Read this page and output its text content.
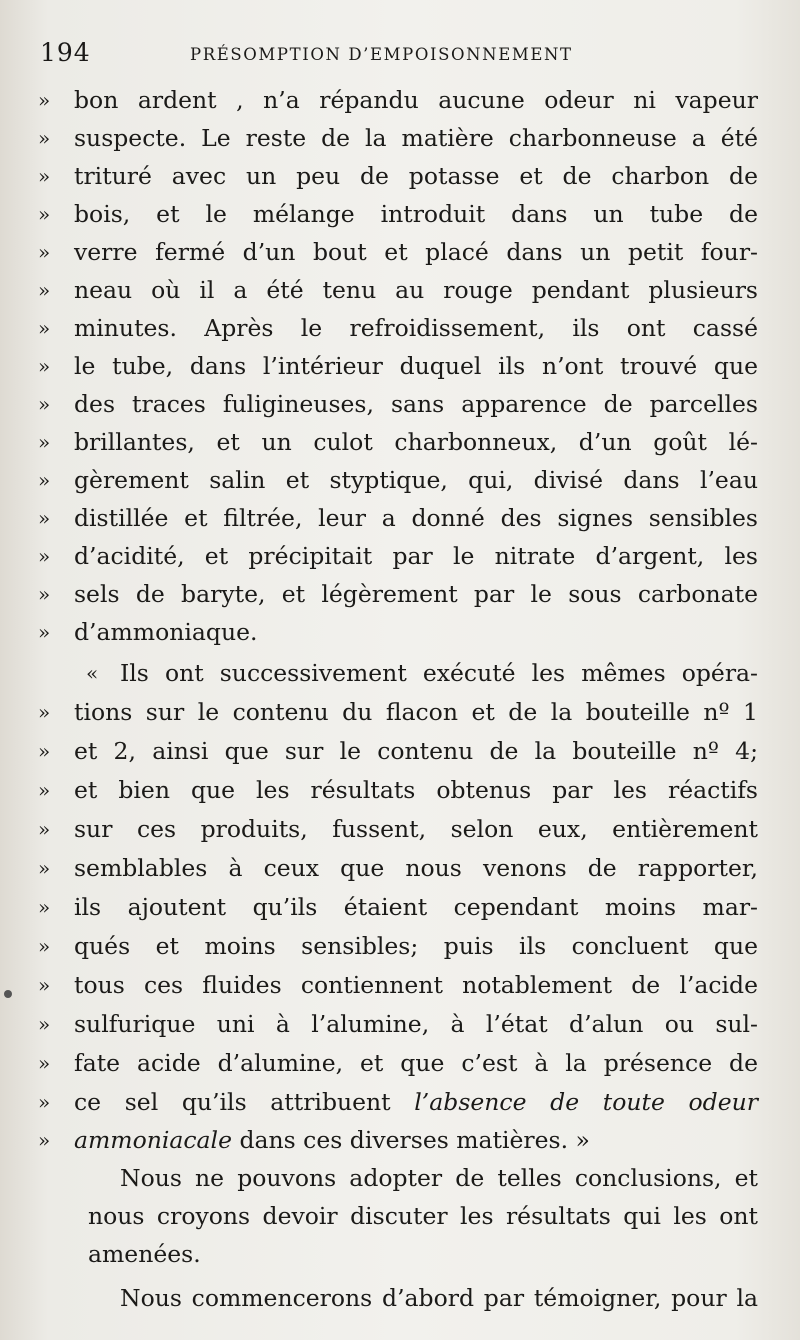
194	PRÉSOMPTION D’EMPOISONNEMENT
»	bon ardent , n’a répandu aucune odeur ni vapeur
»	suspecte. Le reste de la matière charbonneuse a été
»	trituré avec un peu de potasse et de charbon de
»	bois, et le mélange introduit dans un tube de
»	verre fermé d’un bout et placé dans un petit four-
»	neau où il a été tenu au rouge pendant plusieurs
»	minutes. Après le refroidissement, ils ont cassé
»	le tube, dans l’intérieur duquel ils n’ont trouvé que
»	des traces fuligineuses, sans apparence de parcelles
»	brillantes, et un culot charbonneux, d’un goût lé-
»	gèrement salin et styptique, qui, divisé dans l’eau
»	distillée et filtrée, leur a donné des signes sensibles
»	d’acidité, et précipitait par le nitrate d’argent, les
»	sels de baryte, et légèrement par le sous carbonate
»	d’ammoniaque.
« Ils ont successivement exécuté les mêmes opéra-
»	tions sur le contenu du flacon et de la bouteille nº 1
»	et 2, ainsi que sur le contenu de la bouteille nº 4;
»	et bien que les résultats obtenus par les réactifs
»	sur ces produits, fussent, selon eux, entièrement
»	semblables à ceux que nous venons de rapporter,
»	ils ajoutent qu’ils étaient cependant moins mar-
»	qués et moins sensibles; puis ils concluent que
»	tous ces fluides contiennent notablement de l’acide
»	sulfurique uni à l’alumine, à l’état d’alun ou sul-
»	fate acide d’alumine, et que c’est à la présence de
»	ce sel qu’ils attribuent l’absence de toute odeur
»	ammoniacale dans ces diverses matières. »
Nous ne pouvons adopter de telles conclusions, et
nous croyons devoir discuter les résultats qui les ont
amenées.
Nous commencerons d’abord par témoigner, pour la
